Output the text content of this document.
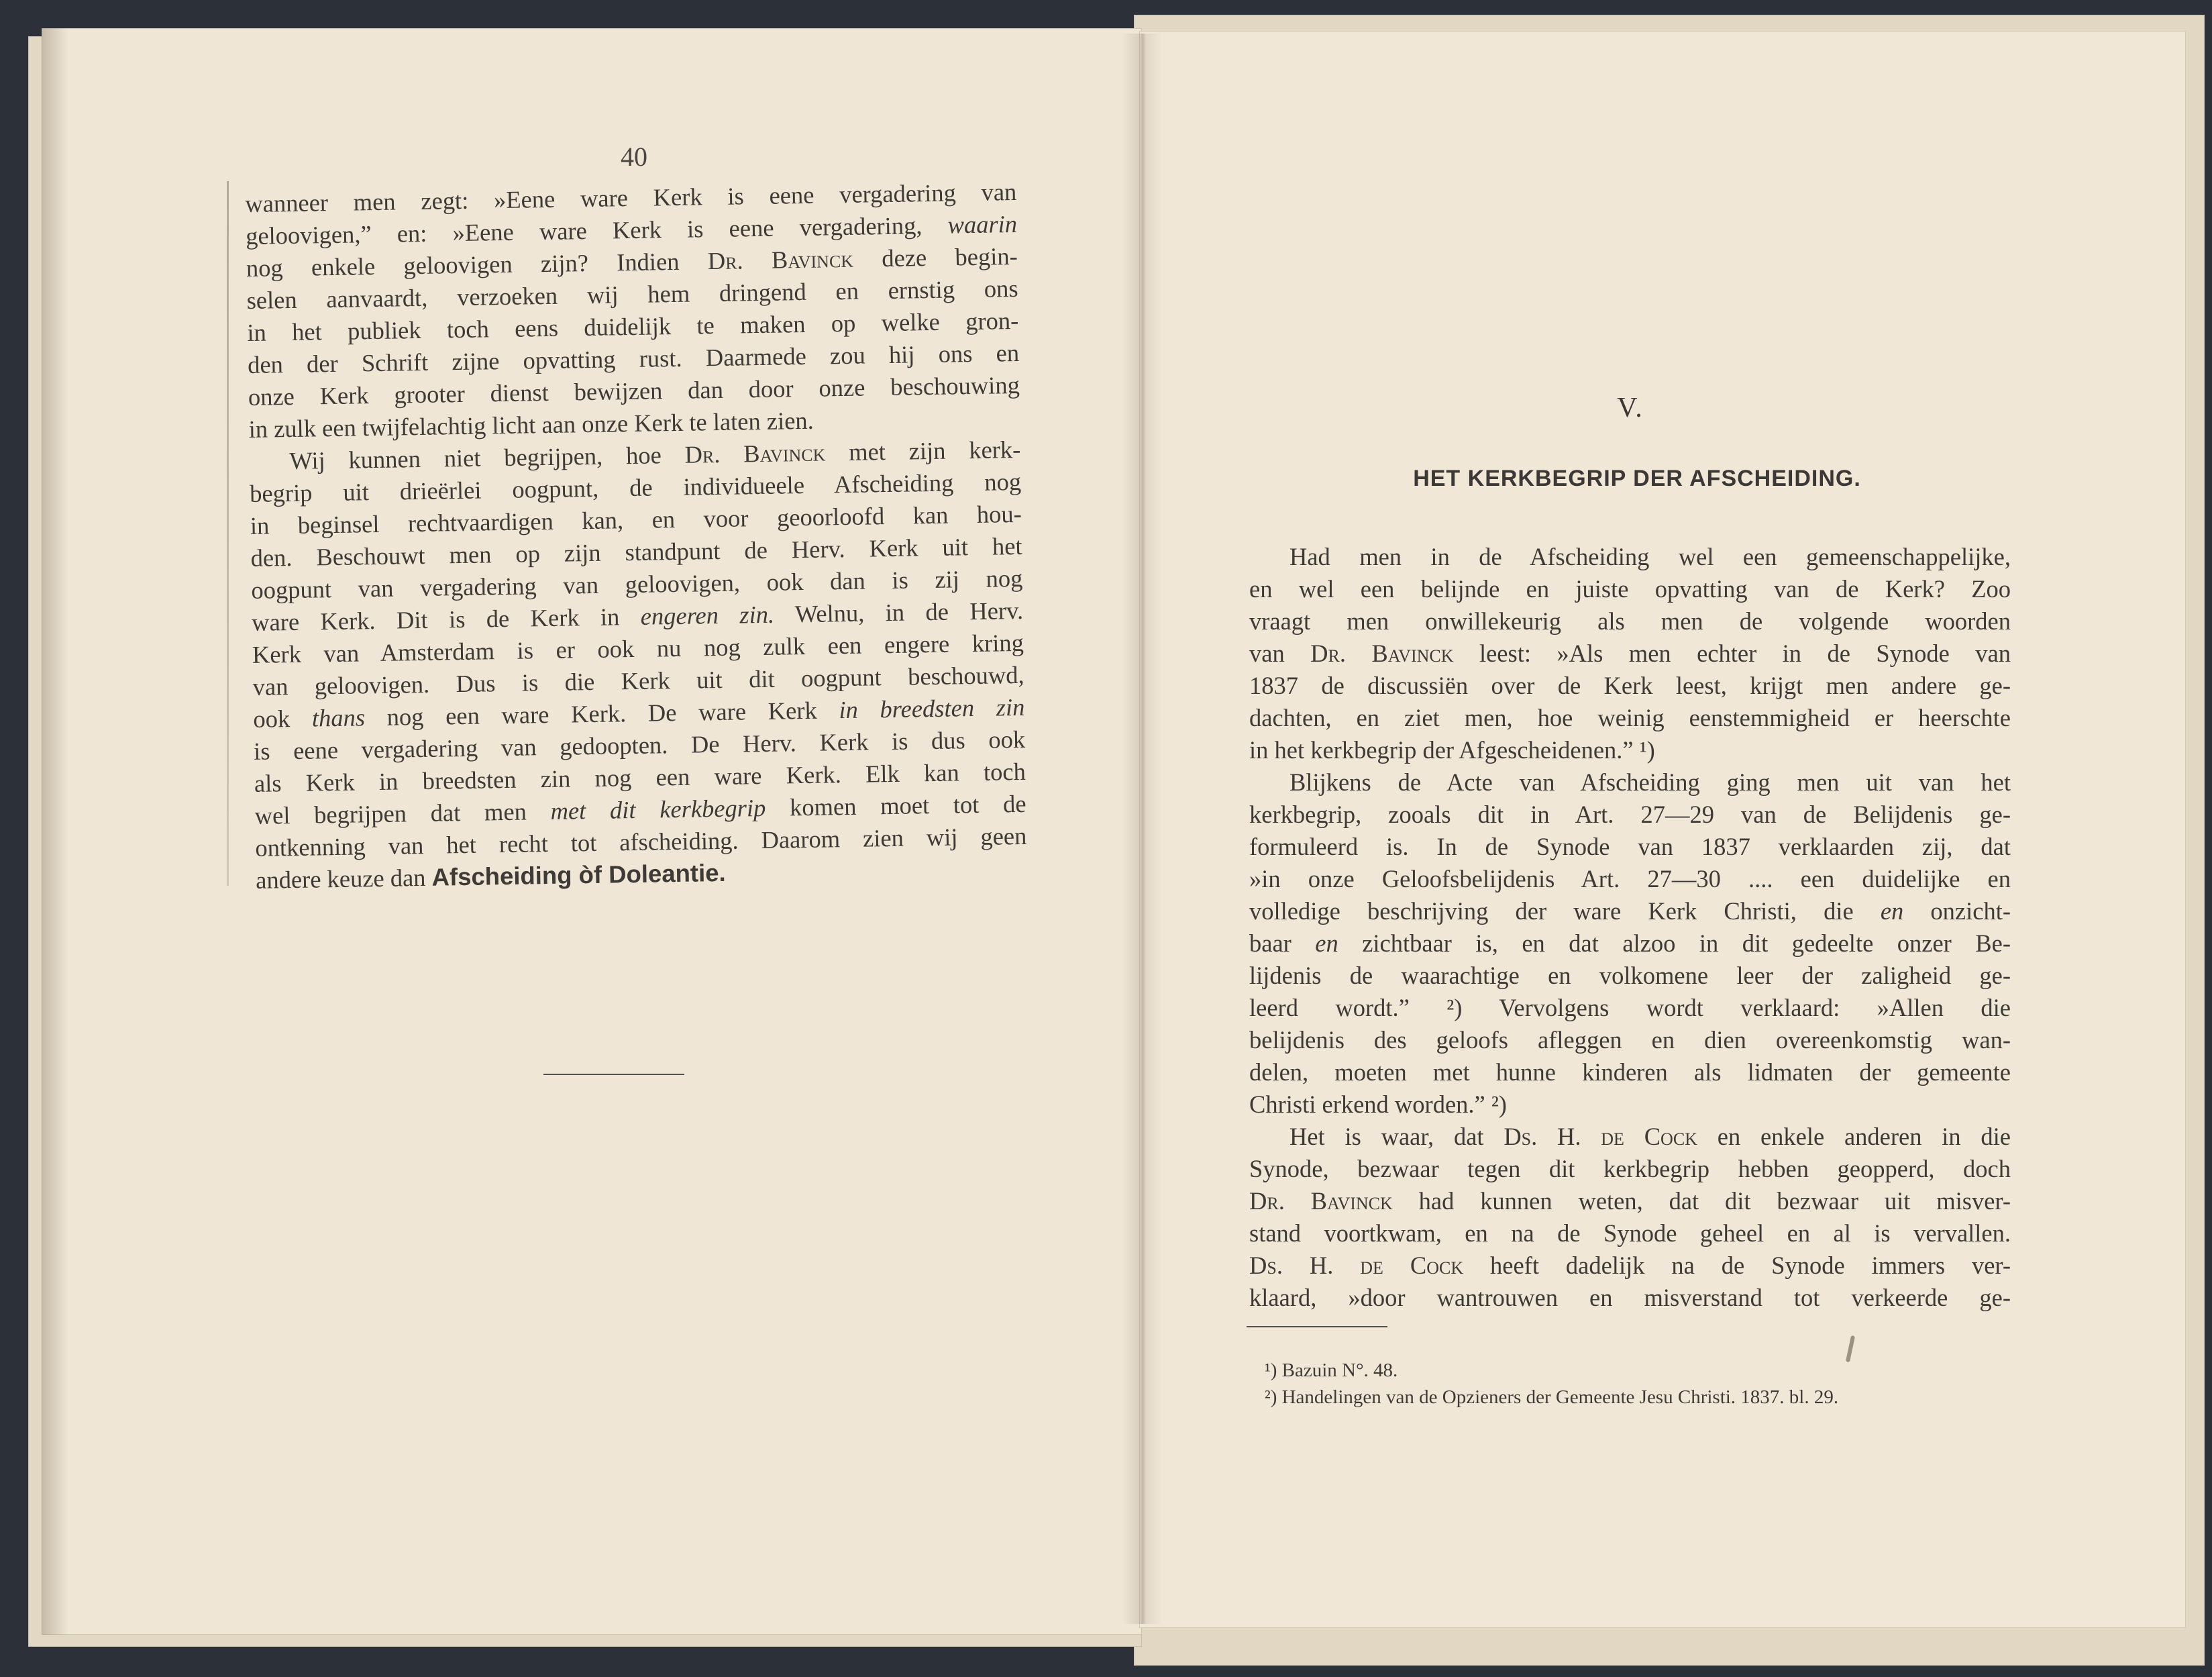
40
wanneer men zegt: »Eene ware Kerk is eene vergadering van
geloovigen,” en: »Eene ware Kerk is eene vergadering, waarin
nog enkele geloovigen zijn? Indien Dr. Bavinck deze begin-
selen aanvaardt, verzoeken wij hem dringend en ernstig ons
in het publiek toch eens duidelijk te maken op welke gron-
den der Schrift zijne opvatting rust. Daarmede zou hij ons en
onze Kerk grooter dienst bewijzen dan door onze beschouwing
in zulk een twijfelachtig licht aan onze Kerk te laten zien.
Wij kunnen niet begrijpen, hoe Dr. Bavinck met zijn kerk-
begrip uit drieërlei oogpunt, de individueele Afscheiding nog
in beginsel rechtvaardigen kan, en voor geoorloofd kan hou-
den. Beschouwt men op zijn standpunt de Herv. Kerk uit het
oogpunt van vergadering van geloovigen, ook dan is zij nog
ware Kerk. Dit is de Kerk in engeren zin. Welnu, in de Herv.
Kerk van Amsterdam is er ook nu nog zulk een engere kring
van geloovigen. Dus is die Kerk uit dit oogpunt beschouwd,
ook thans nog een ware Kerk. De ware Kerk in breedsten zin
is eene vergadering van gedoopten. De Herv. Kerk is dus ook
als Kerk in breedsten zin nog een ware Kerk. Elk kan toch
wel begrijpen dat men met dit kerkbegrip komen moet tot de
ontkenning van het recht tot afscheiding. Daarom zien wij geen
andere keuze dan Afscheiding òf Doleantie.
V.
HET KERKBEGRIP DER AFSCHEIDING.
Had men in de Afscheiding wel een gemeenschappelijke,
en wel een belijnde en juiste opvatting van de Kerk? Zoo
vraagt men onwillekeurig als men de volgende woorden
van Dr. Bavinck leest: »Als men echter in de Synode van
1837 de discussiën over de Kerk leest, krijgt men andere ge-
dachten, en ziet men, hoe weinig eenstemmigheid er heerschte
in het kerkbegrip der Afgescheidenen.” ¹)
Blijkens de Acte van Afscheiding ging men uit van het
kerkbegrip, zooals dit in Art. 27—29 van de Belijdenis ge-
formuleerd is. In de Synode van 1837 verklaarden zij, dat
»in onze Geloofsbelijdenis Art. 27—30 .... een duidelijke en
volledige beschrijving der ware Kerk Christi, die en onzicht-
baar en zichtbaar is, en dat alzoo in dit gedeelte onzer Be-
lijdenis de waarachtige en volkomene leer der zaligheid ge-
leerd wordt.” ²) Vervolgens wordt verklaard: »Allen die
belijdenis des geloofs afleggen en dien overeenkomstig wan-
delen, moeten met hunne kinderen als lidmaten der gemeente
Christi erkend worden.” ²)
Het is waar, dat Ds. H. de Cock en enkele anderen in die
Synode, bezwaar tegen dit kerkbegrip hebben geopperd, doch
Dr. Bavinck had kunnen weten, dat dit bezwaar uit misver-
stand voortkwam, en na de Synode geheel en al is vervallen.
Ds. H. de Cock heeft dadelijk na de Synode immers ver-
klaard, »door wantrouwen en misverstand tot verkeerde ge-
¹) Bazuin N°. 48.
²) Handelingen van de Opzieners der Gemeente Jesu Christi. 1837. bl. 29.
